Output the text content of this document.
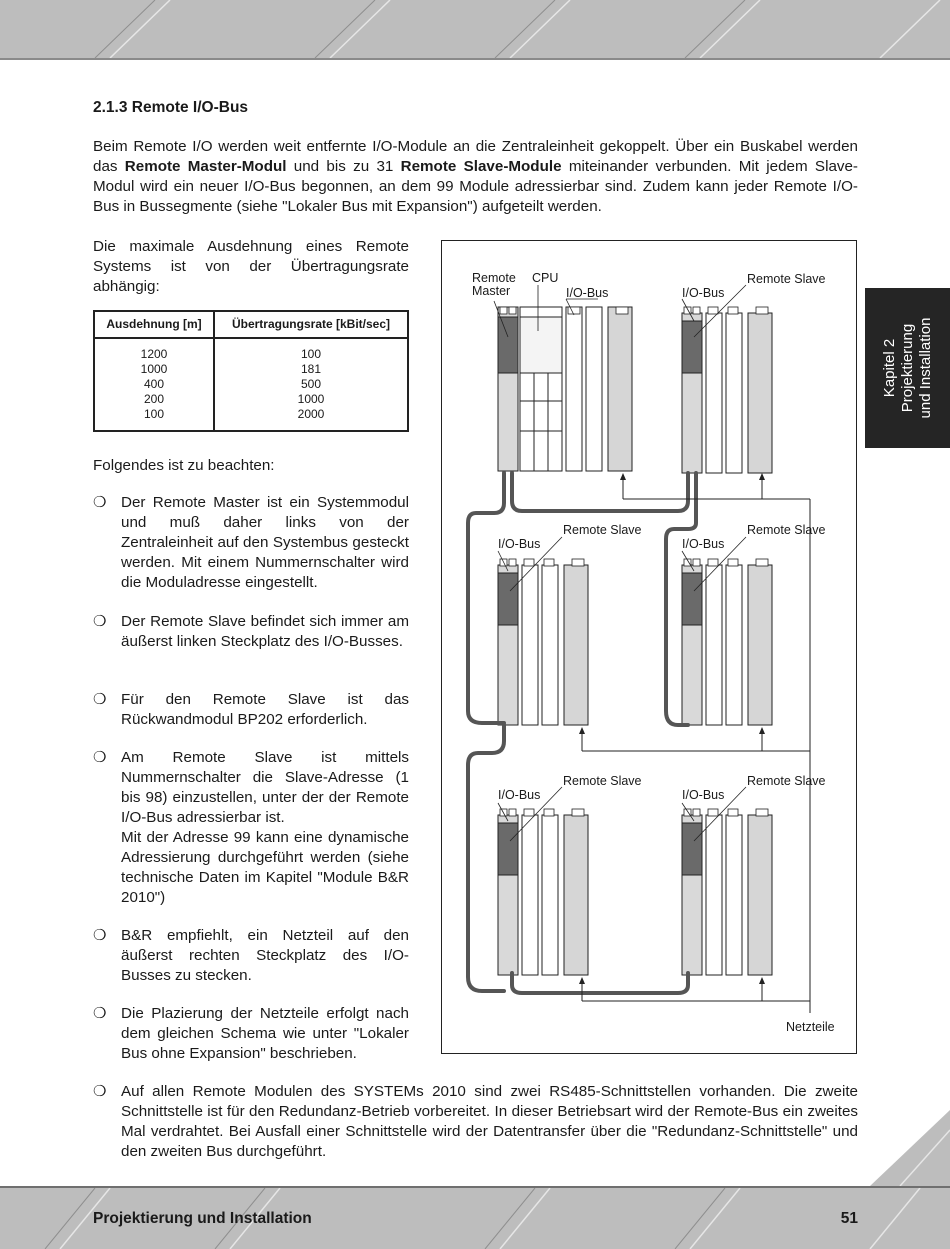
2.1.3 Remote I/O-Bus

Beim Remote I/O werden weit entfernte I/O-Module an die Zentraleinheit gekoppelt. Über ein Buskabel werden das Remote Master-Modul und bis zu 31 Remote Slave-Module miteinander verbunden. Mit jedem Slave-Modul wird ein neuer I/O-Bus begonnen, an dem 99 Module adressierbar sind. Zudem kann jeder Remote I/O-Bus in Bussegmente (siehe "Lokaler Bus mit Expansion") aufgeteilt werden.

Die maximale Ausdehnung eines Remote Systems ist von der Übertragungsrate abhängig:

Ausdehnung [m]	Übertragungsrate [kBit/sec]
1200	100
1000	181
400	500
200	1000
100	2000

Folgendes ist zu beachten:

❍ Der Remote Master ist ein Systemmodul und muß daher links von der Zentraleinheit auf den Systembus gesteckt werden. Mit einem Nummernschalter wird die Moduladresse eingestellt.
❍ Der Remote Slave befindet sich immer am äußerst linken Steckplatz des I/O-Busses.
❍ Für den Remote Slave ist das Rückwandmodul BP202 erforderlich.
❍ Am Remote Slave ist mittels Nummernschalter die Slave-Adresse (1 bis 98) einzustellen, unter der der Remote I/O-Bus adressierbar ist.
Mit der Adresse 99 kann eine dynamische Adressierung durchgeführt werden (siehe technische Daten im Kapitel "Module B&R 2010")
❍ B&R empfiehlt, ein Netzteil auf den äußerst rechten Steckplatz des I/O-Busses zu stecken.
❍ Die Plazierung der Netzteile erfolgt nach dem gleichen Schema wie unter "Lokaler Bus ohne Expansion" beschrieben.
❍ Auf allen Remote Modulen des SYSTEMs 2010 sind zwei RS485-Schnittstellen vorhanden. Die zweite Schnittstelle ist für den Redundanz-Betrieb vorbereitet. In dieser Betriebsart wird der Remote-Bus ein zweites Mal verdrahtet. Bei Ausfall einer Schnittstelle wird der Datentransfer über die "Redundanz-Schnittstelle" und den zweiten Bus durchgeführt.
Kapitel 2 Projektierung und Installation
Remote
Master
CPU
I/O-Bus	I/O-Bus
Remote Slave
Remote Slave
I/O-Bus
Remote Slave
I/O-Bus
Remote Slave
I/O-Bus
Remote Slave
I/O-Bus
Netzteile
Projektierung und Installation	51
